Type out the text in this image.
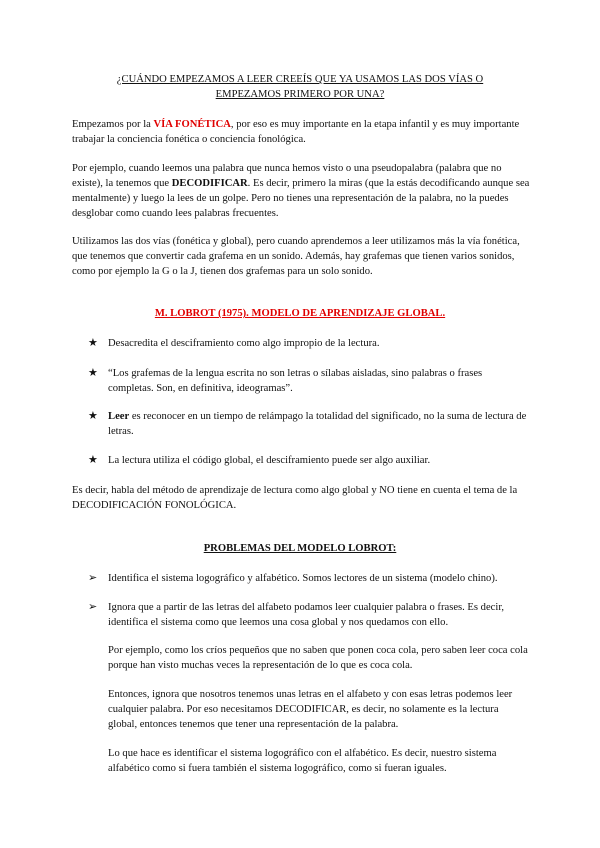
¿CUÁNDO EMPEZAMOS A LEER CREEÍS QUE YA USAMOS LAS DOS VÍAS O EMPEZAMOS PRIMERO POR UNA?

Empezamos por la VÍA FONÉTICA, por eso es muy importante en la etapa infantil y es muy importante trabajar la conciencia fonética o conciencia fonológica.

Por ejemplo, cuando leemos una palabra que nunca hemos visto o una pseudopalabra (palabra que no existe), la tenemos que DECODIFICAR. Es decir, primero la miras (que la estás decodificando aunque sea mentalmente) y luego la lees de un golpe. Pero no tienes una representación de la palabra, no la puedes desglobar como cuando lees palabras frecuentes.

Utilizamos las dos vías (fonética y global), pero cuando aprendemos a leer utilizamos más la vía fonética, que tenemos que convertir cada grafema en un sonido. Además, hay grafemas que tienen varios sonidos, como por ejemplo la G o la J, tienen dos grafemas para un solo sonido.

M. LOBROT (1975). MODELO DE APRENDIZAJE GLOBAL.
★ Desacredita el desciframiento como algo impropio de la lectura.

★ “Los grafemas de la lengua escrita no son letras o sílabas aisladas, sino palabras o frases completas. Son, en definitiva, ideogramas”.

★ Leer es reconocer en un tiempo de relámpago la totalidad del significado, no la suma de lectura de letras.

★ La lectura utiliza el código global, el desciframiento puede ser algo auxiliar.

Es decir, habla del método de aprendizaje de lectura como algo global y NO tiene en cuenta el tema de la DECODIFICACIÓN FONOLÓGICA.

PROBLEMAS DEL MODELO LOBROT:
➢	Identifica el sistema logográfico y alfabético. Somos lectores de un sistema (modelo chino).

➢	Ignora que a partir de las letras del alfabeto podamos leer cualquier palabra o frases. Es decir, identifica el sistema como que leemos una cosa global y nos quedamos con ello.

Por ejemplo, como los críos pequeños que no saben que ponen coca cola, pero saben leer coca cola porque han visto muchas veces la representación de lo que es coca cola.

Entonces, ignora que nosotros tenemos unas letras en el alfabeto y con esas letras podemos leer cualquier palabra. Por eso necesitamos DECODIFICAR, es decir, no solamente es la lectura global, entonces tenemos que tener una representación de la palabra.

Lo que hace es identificar el sistema logográfico con el alfabético. Es decir, nuestro sistema alfabético como si fuera también el sistema logográfico, como si fueran iguales.
